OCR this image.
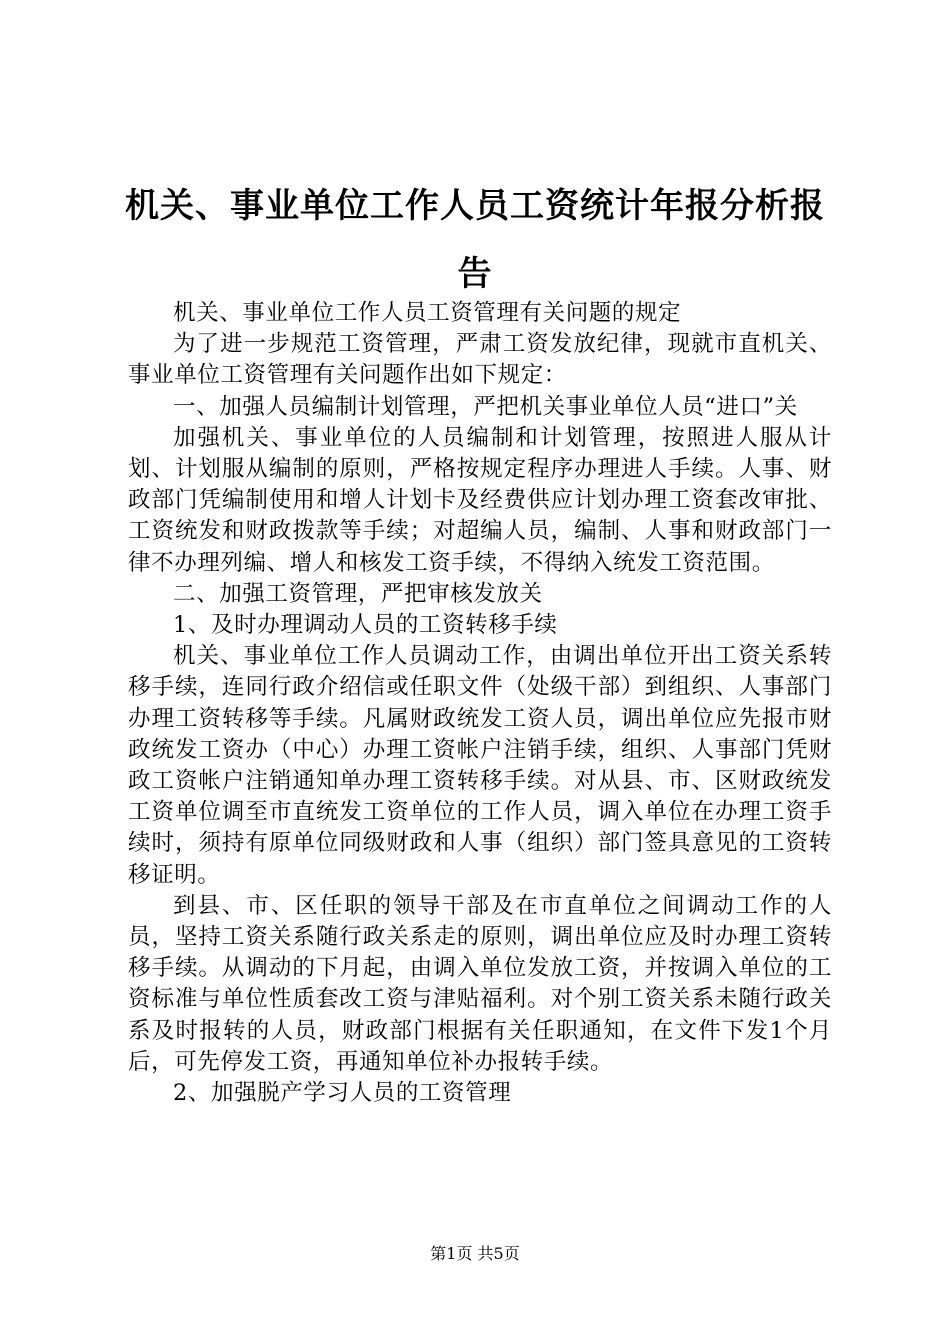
机关、事业单位工作人员工资统计年报分析报告

机关、事业单位工作人员工资管理有关问题的规定

为了进一步规范工资管理，严肃工资发放纪律，现就市直机关、事业单位工资管理有关问题作出如下规定：

一、加强人员编制计划管理，严把机关事业单位人员“进口”关

加强机关、事业单位的人员编制和计划管理，按照进人服从计划、计划服从编制的原则，严格按规定程序办理进人手续。人事、财政部门凭编制使用和增人计划卡及经费供应计划办理工资套改审批、工资统发和财政拨款等手续；对超编人员，编制、人事和财政部门一律不办理列编、增人和核发工资手续，不得纳入统发工资范围。

二、加强工资管理，严把审核发放关

1、及时办理调动人员的工资转移手续

机关、事业单位工作人员调动工作，由调出单位开出工资关系转移手续，连同行政介绍信或任职文件（处级干部）到组织、人事部门办理工资转移等手续。凡属财政统发工资人员，调出单位应先报市财政统发工资办（中心）办理工资帐户注销手续，组织、人事部门凭财政工资帐户注销通知单办理工资转移手续。对从县、市、区财政统发工资单位调至市直统发工资单位的工作人员，调入单位在办理工资手续时，须持有原单位同级财政和人事（组织）部门签具意见的工资转移证明。

到县、市、区任职的领导干部及在市直单位之间调动工作的人员，坚持工资关系随行政关系走的原则，调出单位应及时办理工资转移手续。从调动的下月起，由调入单位发放工资，并按调入单位的工资标准与单位性质套改工资与津贴福利。对个别工资关系未随行政关系及时报转的人员，财政部门根据有关任职通知，在文件下发1个月后，可先停发工资，再通知单位补办报转手续。

2、加强脱产学习人员的工资管理

第1页 共5页
